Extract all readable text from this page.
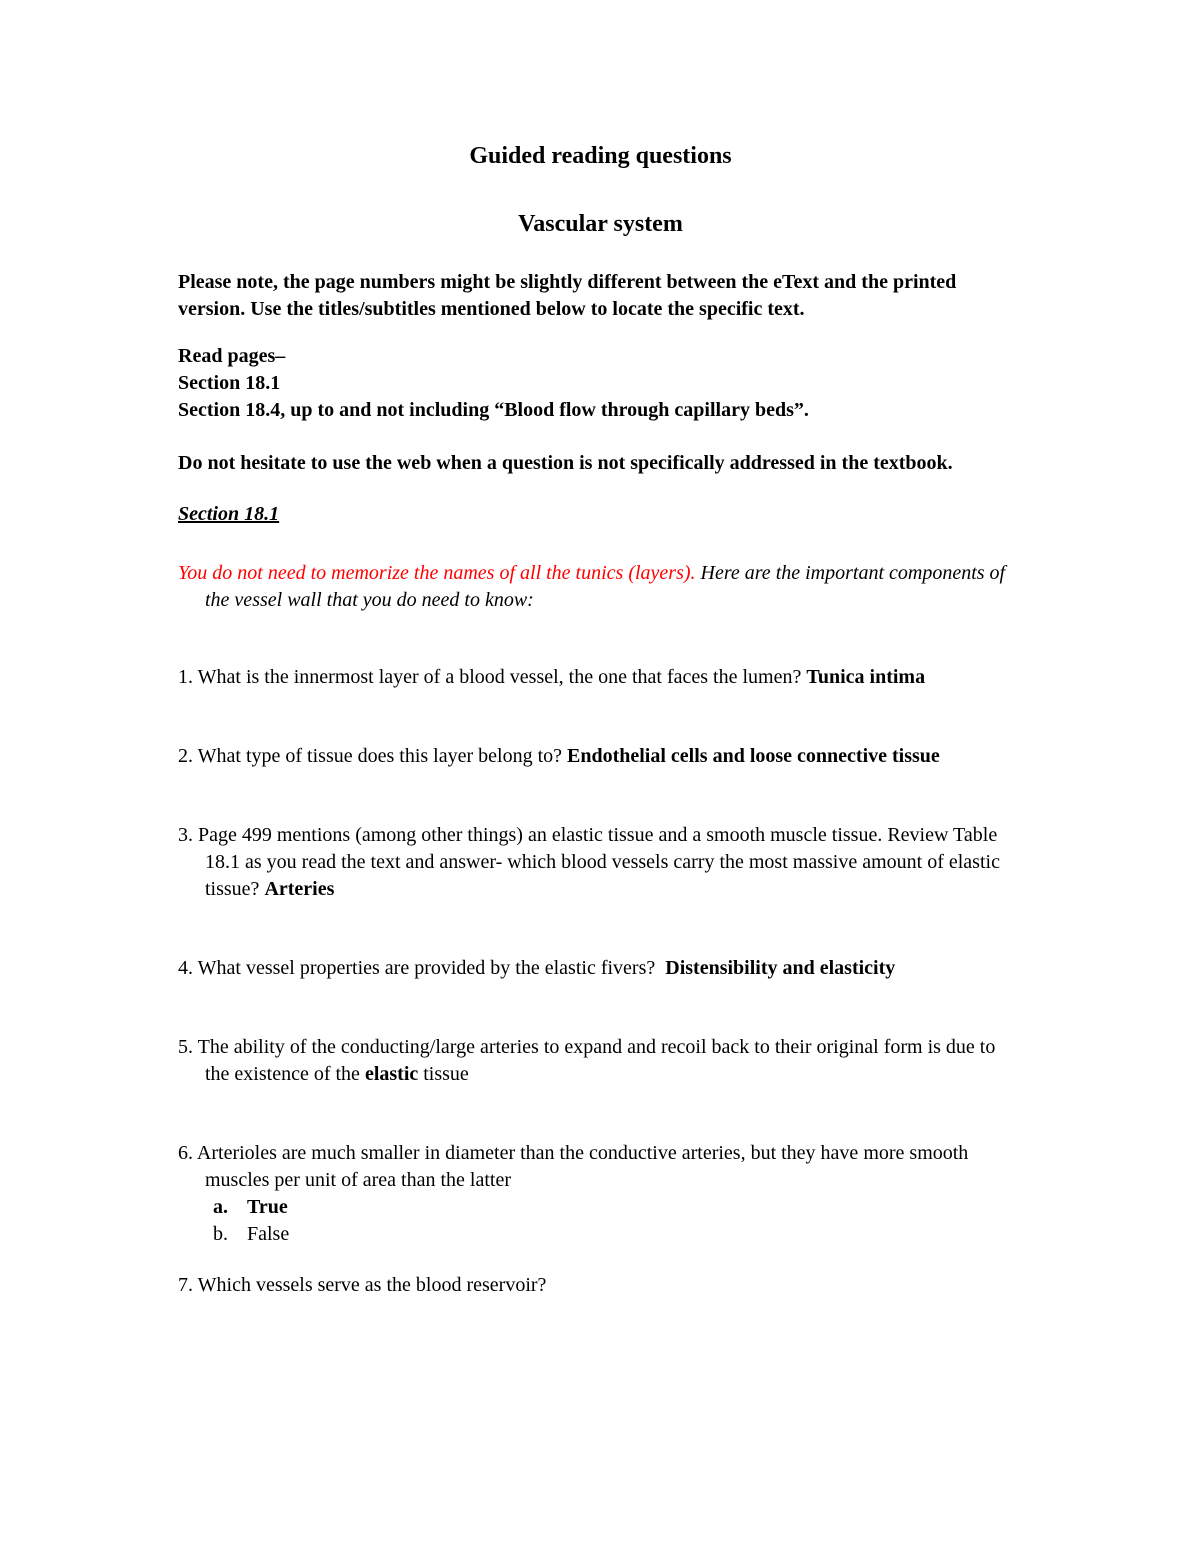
Guided reading questions
Vascular system

Please note, the page numbers might be slightly different between the eText and the printed version. Use the titles/subtitles mentioned below to locate the specific text.

Read pages–
Section 18.1
Section 18.4, up to and not including “Blood flow through capillary beds”.

Do not hesitate to use the web when a question is not specifically addressed in the textbook.

Section 18.1

You do not need to memorize the names of all the tunics (layers). Here are the important components of the vessel wall that you do need to know:

1. What is the innermost layer of a blood vessel, the one that faces the lumen? Tunica intima
2. What type of tissue does this layer belong to? Endothelial cells and loose connective tissue
3. Page 499 mentions (among other things) an elastic tissue and a smooth muscle tissue. Review Table 18.1 as you read the text and answer- which blood vessels carry the most massive amount of elastic tissue? Arteries
4. What vessel properties are provided by the elastic fivers?  Distensibility and elasticity
5. The ability of the conducting/large arteries to expand and recoil back to their original form is due to the existence of the elastic tissue
6. Arterioles are much smaller in diameter than the conductive arteries, but they have more smooth muscles per unit of area than the latter
a. True
b. False
7. Which vessels serve as the blood reservoir?
